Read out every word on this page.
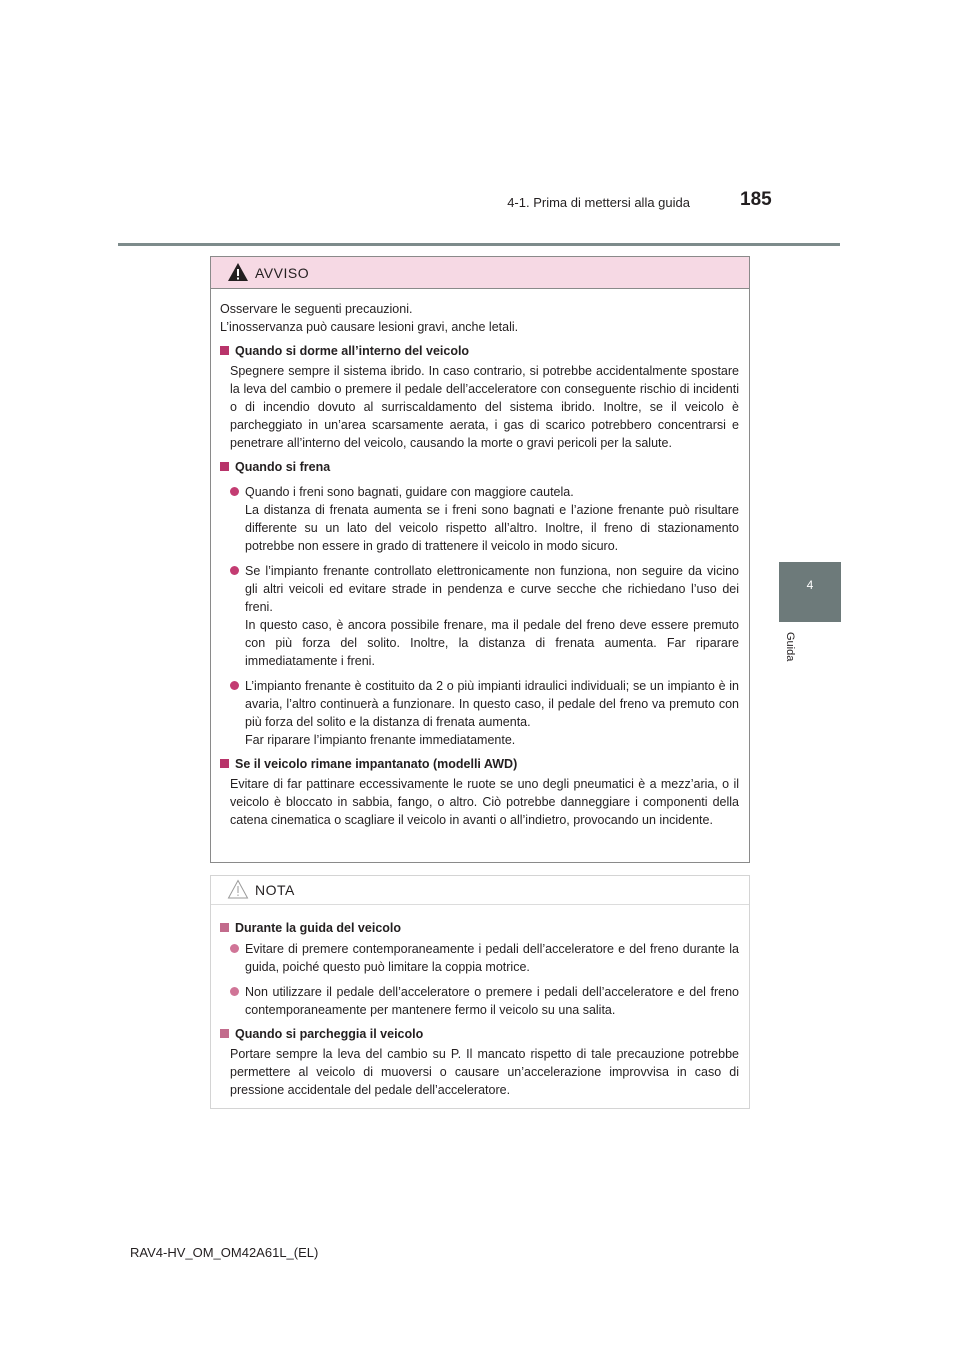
4-1. Prima di mettersi alla guida	185
4
Guida
AVVISO
Osservare le seguenti precauzioni.
L’inosservanza può causare lesioni gravi, anche letali.
Quando si dorme all’interno del veicolo
Spegnere sempre il sistema ibrido. In caso contrario, si potrebbe accidentalmente spostare la leva del cambio o premere il pedale dell’acceleratore con conseguente rischio di incidenti o di incendio dovuto al surriscaldamento del sistema ibrido. Inoltre, se il veicolo è parcheggiato in un’area scarsamente aerata, i gas di scarico potrebbero concentrarsi e penetrare all’interno del veicolo, causando la morte o gravi pericoli per la salute.
Quando si frena
Quando i freni sono bagnati, guidare con maggiore cautela.
La distanza di frenata aumenta se i freni sono bagnati e l’azione frenante può risultare differente su un lato del veicolo rispetto all’altro. Inoltre, il freno di stazionamento potrebbe non essere in grado di trattenere il veicolo in modo sicuro.
Se l’impianto frenante controllato elettronicamente non funziona, non seguire da vicino gli altri veicoli ed evitare strade in pendenza e curve secche che richiedano l’uso dei freni.
In questo caso, è ancora possibile frenare, ma il pedale del freno deve essere premuto con più forza del solito. Inoltre, la distanza di frenata aumenta. Far riparare immediatamente i freni.
L’impianto frenante è costituito da 2 o più impianti idraulici individuali; se un impianto è in avaria, l’altro continuerà a funzionare. In questo caso, il pedale del freno va premuto con più forza del solito e la distanza di frenata aumenta.
Far riparare l’impianto frenante immediatamente.
Se il veicolo rimane impantanato (modelli AWD)
Evitare di far pattinare eccessivamente le ruote se uno degli pneumatici è a mezz’aria, o il veicolo è bloccato in sabbia, fango, o altro. Ciò potrebbe danneggiare i componenti della catena cinematica o scagliare il veicolo in avanti o all’indietro, provocando un incidente.
NOTA
Durante la guida del veicolo
Evitare di premere contemporaneamente i pedali dell’acceleratore e del freno durante la guida, poiché questo può limitare la coppia motrice.
Non utilizzare il pedale dell’acceleratore o premere i pedali dell’acceleratore e del freno contemporaneamente per mantenere fermo il veicolo su una salita.
Quando si parcheggia il veicolo
Portare sempre la leva del cambio su P. Il mancato rispetto di tale precauzione potrebbe permettere al veicolo di muoversi o causare un’accelerazione improvvisa in caso di pressione accidentale del pedale dell’acceleratore.
RAV4-HV_OM_OM42A61L_(EL)
